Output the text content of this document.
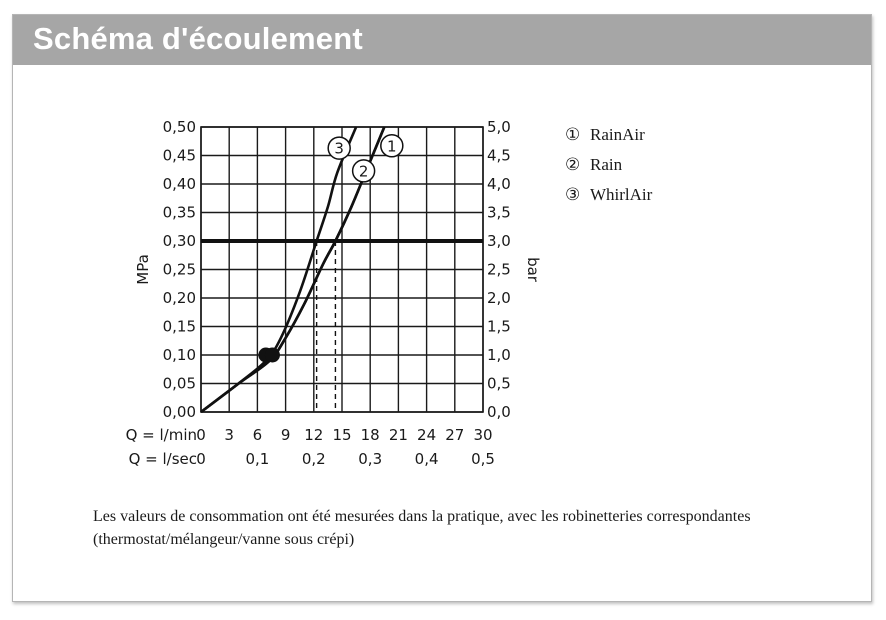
Schéma d'écoulement
0,00
0,05
0,10
0,15
0,20
0,25
0,30
0,35
0,40
0,45
0,50
0,0
0,5
1,0
1,5
2,0
2,5
3,0
3,5
4,0
4,5
5,0
Q = l/min 0 3 6 9 12 15 18 21 24 27 30
Q = l/sec 0	0,1 0,2 0,3 0,4 0,5
MPa	bar
1
2
3
① RainAir
② Rain
③ WhirlAir
Les valeurs de consommation ont été mesurées dans la pratique, avec les robinetteries correspondantes (thermostat/mélangeur/vanne sous crépi)
